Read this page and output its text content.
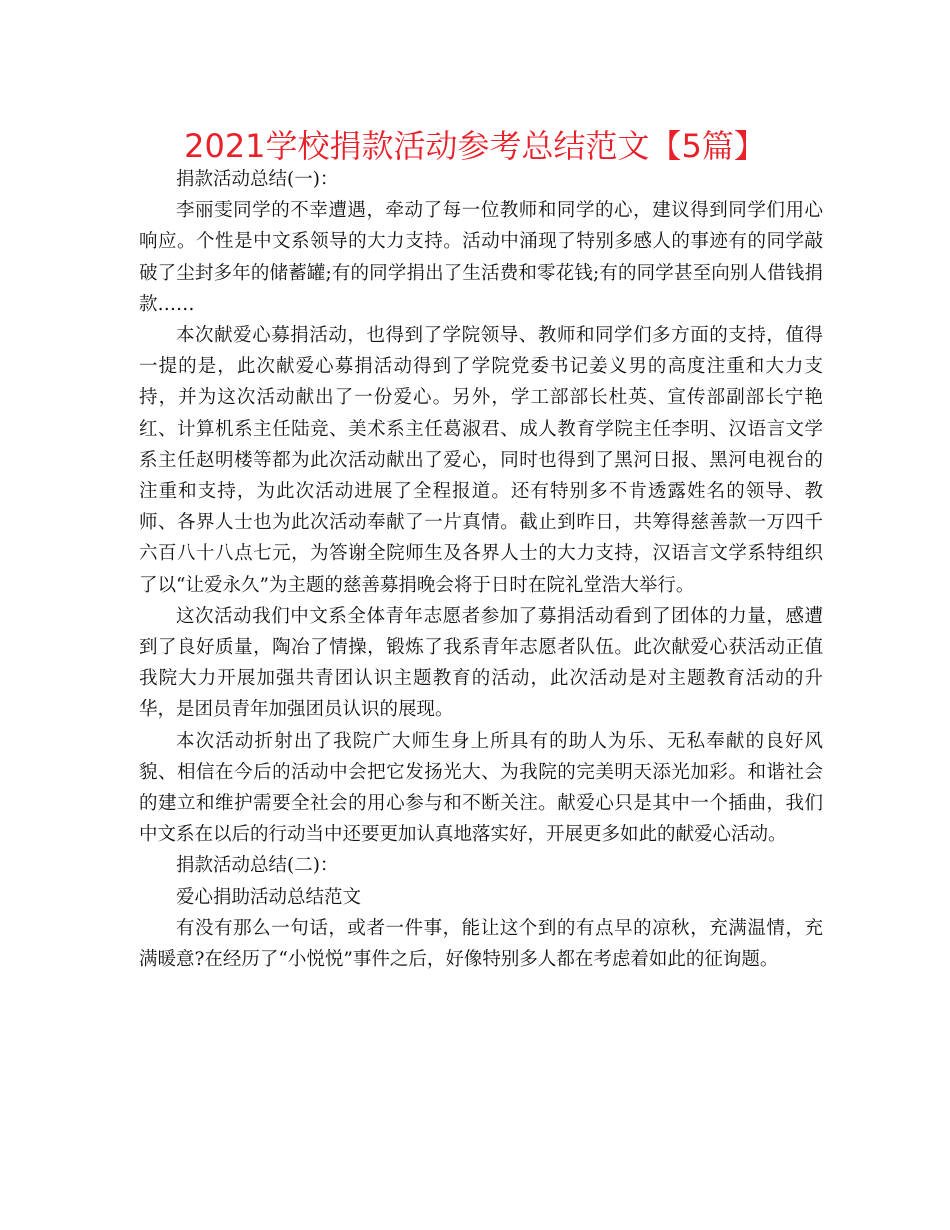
2021学校捐款活动参考总结范文【5篇】

捐款活动总结(一)：

李丽雯同学的不幸遭遇，牵动了每一位教师和同学的心，建议得到同学们用心响应。个性是中文系领导的大力支持。活动中涌现了特别多感人的事迹有的同学敲破了尘封多年的储蓄罐;有的同学捐出了生活费和零花钱;有的同学甚至向别人借钱捐款……

本次献爱心募捐活动，也得到了学院领导、教师和同学们多方面的支持，值得一提的是，此次献爱心募捐活动得到了学院党委书记姜义男的高度注重和大力支持，并为这次活动献出了一份爱心。另外，学工部部长杜英、宣传部副部长宁艳红、计算机系主任陆竞、美术系主任葛淑君、成人教育学院主任李明、汉语言文学系主任赵明楼等都为此次活动献出了爱心，同时也得到了黑河日报、黑河电视台的注重和支持，为此次活动进展了全程报道。还有特别多不肯透露姓名的领导、教师、各界人士也为此次活动奉献了一片真情。截止到昨日，共筹得慈善款一万四千六百八十八点七元，为答谢全院师生及各界人士的大力支持，汉语言文学系特组织了以“让爱永久”为主题的慈善募捐晚会将于日时在院礼堂浩大举行。

这次活动我们中文系全体青年志愿者参加了募捐活动看到了团体的力量，感遭到了良好质量，陶冶了情操，锻炼了我系青年志愿者队伍。此次献爱心获活动正值我院大力开展加强共青团认识主题教育的活动，此次活动是对主题教育活动的升华，是团员青年加强团员认识的展现。

本次活动折射出了我院广大师生身上所具有的助人为乐、无私奉献的良好风貌、相信在今后的活动中会把它发扬光大、为我院的完美明天添光加彩。和谐社会的建立和维护需要全社会的用心参与和不断关注。献爱心只是其中一个插曲，我们中文系在以后的行动当中还要更加认真地落实好，开展更多如此的献爱心活动。

捐款活动总结(二)：

爱心捐助活动总结范文

有没有那么一句话，或者一件事，能让这个到的有点早的凉秋，充满温情，充满暖意?在经历了“小悦悦”事件之后，好像特别多人都在考虑着如此的征询题。
